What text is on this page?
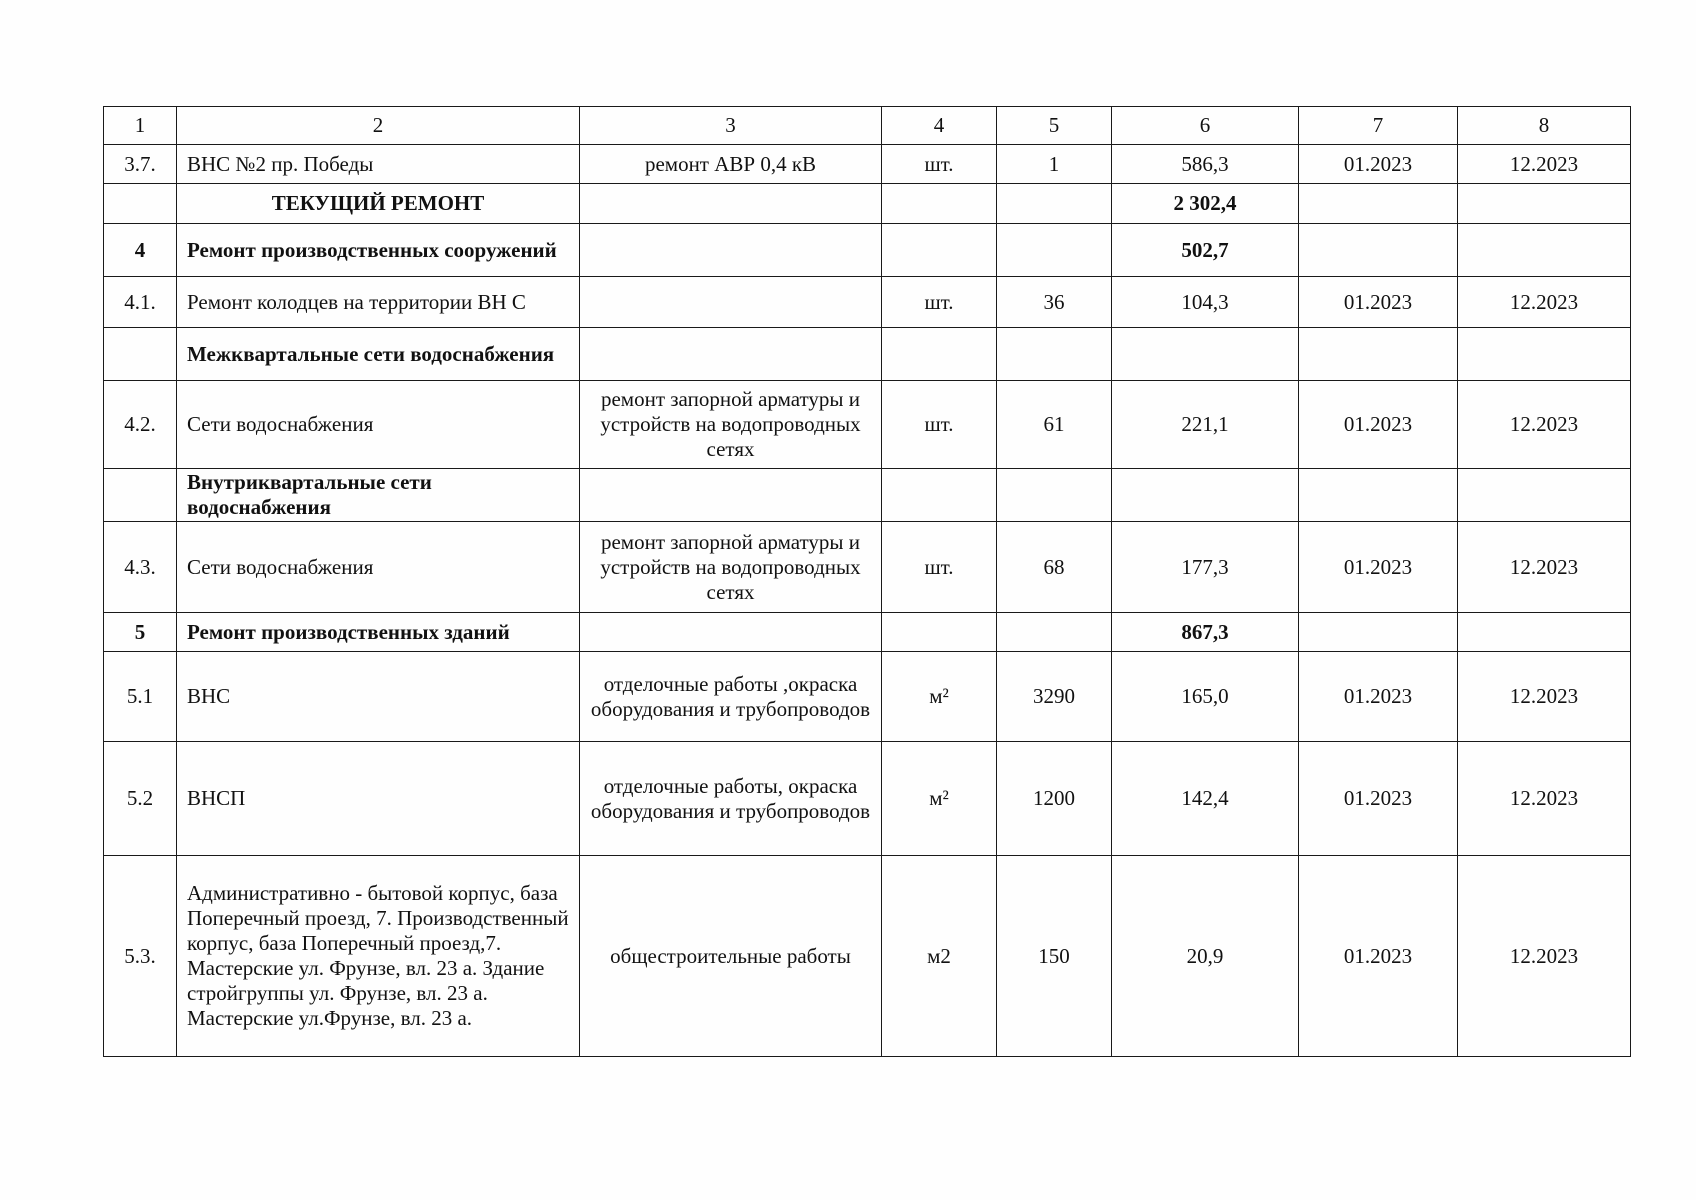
1	2	3	4	5	6	7	8
3.7.	ВНС №2 пр. Победы	ремонт АВР 0,4 кВ	шт.	1	586,3	01.2023	12.2023
	ТЕКУЩИЙ РЕМОНТ				2 302,4		
4	Ремонт производственных сооружений				502,7		
4.1.	Ремонт колодцев на территории ВН С		шт.	36	104,3	01.2023	12.2023
	Межквартальные сети водоснабжения						
4.2.	Сети водоснабжения	ремонт запорной арматуры и устройств на водопроводных сетях	шт.	61	221,1	01.2023	12.2023
	Внутриквартальные сети водоснабжения						
4.3.	Сети водоснабжения	ремонт запорной арматуры и устройств на водопроводных сетях	шт.	68	177,3	01.2023	12.2023
5	Ремонт производственных зданий				867,3		
5.1	ВНС	отделочные работы ,окраска оборудования и трубопроводов	м²	3290	165,0	01.2023	12.2023
5.2	ВНСП	отделочные работы, окраска оборудования и трубопроводов	м²	1200	142,4	01.2023	12.2023
5.3.	Административно - бытовой корпус, база Поперечный проезд, 7. Производственный корпус, база Поперечный проезд,7. Мастерские ул. Фрунзе, вл. 23 а. Здание стройгруппы ул. Фрунзе, вл. 23 а. Мастерские ул.Фрунзе, вл. 23 а.	общестроительные работы	м2	150	20,9	01.2023	12.2023
